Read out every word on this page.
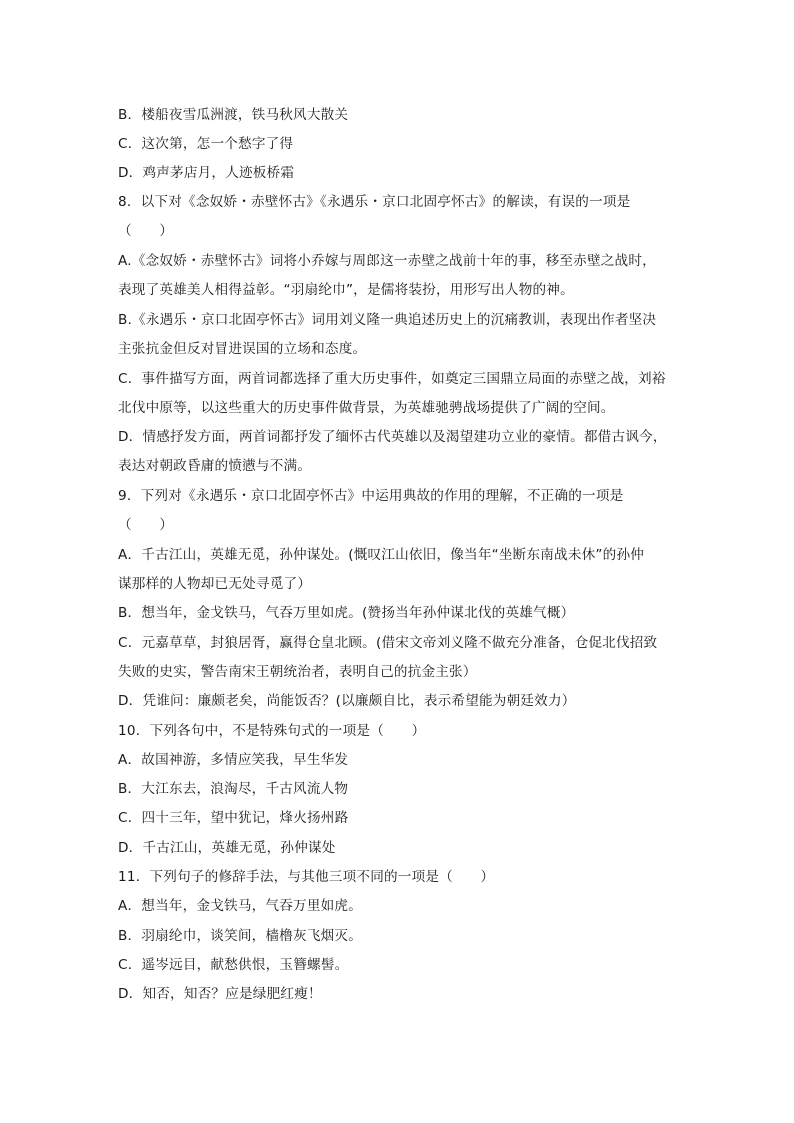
B．楼船夜雪瓜洲渡，铁马秋风大散关
C．这次第，怎一个愁字了得
D．鸡声茅店月，人迹板桥霜
8．以下对《念奴娇・赤壁怀古》《永遇乐・京口北固亭怀古》的解读，有误的一项是
（　　）
A.《念奴娇・赤壁怀古》词将小乔嫁与周郎这一赤壁之战前十年的事，移至赤壁之战时，
表现了英雄美人相得益彰。“羽扇纶巾”，是儒将装扮，用形写出人物的神。
B.《永遇乐・京口北固亭怀古》词用刘义隆一典追述历史上的沉痛教训，表现出作者坚决
主张抗金但反对冒进误国的立场和态度。
C．事件描写方面，两首词都选择了重大历史事件，如奠定三国鼎立局面的赤壁之战，刘裕
北伐中原等，以这些重大的历史事件做背景，为英雄驰骋战场提供了广阔的空间。
D．情感抒发方面，两首词都抒发了缅怀古代英雄以及渴望建功立业的豪情。都借古讽今，
表达对朝政昏庸的愤懑与不满。
9．下列对《永遇乐・京口北固亭怀古》中运用典故的作用的理解，不正确的一项是
（　　）
A．千古江山，英雄无觅，孙仲谋处。(慨叹江山依旧，像当年“坐断东南战未休”的孙仲
谋那样的人物却已无处寻觅了）
B．想当年，金戈铁马，气吞万里如虎。(赞扬当年孙仲谋北伐的英雄气概）
C．元嘉草草，封狼居胥，赢得仓皇北顾。(借宋文帝刘义隆不做充分准备，仓促北伐招致
失败的史实，警告南宋王朝统治者，表明自己的抗金主张）
D．凭谁问：廉颇老矣，尚能饭否？(以廉颇自比，表示希望能为朝廷效力）
10．下列各句中，不是特殊句式的一项是（　　）
A．故国神游，多情应笑我，早生华发
B．大江东去，浪淘尽，千古风流人物
C．四十三年，望中犹记，烽火扬州路
D．千古江山，英雄无觅，孙仲谋处
11．下列句子的修辞手法，与其他三项不同的一项是（　　）
A．想当年，金戈铁马，气吞万里如虎。
B．羽扇纶巾，谈笑间，樯橹灰飞烟灭。
C．遥岑远目，献愁供恨，玉簪螺髻。
D．知否，知否？应是绿肥红瘦！
